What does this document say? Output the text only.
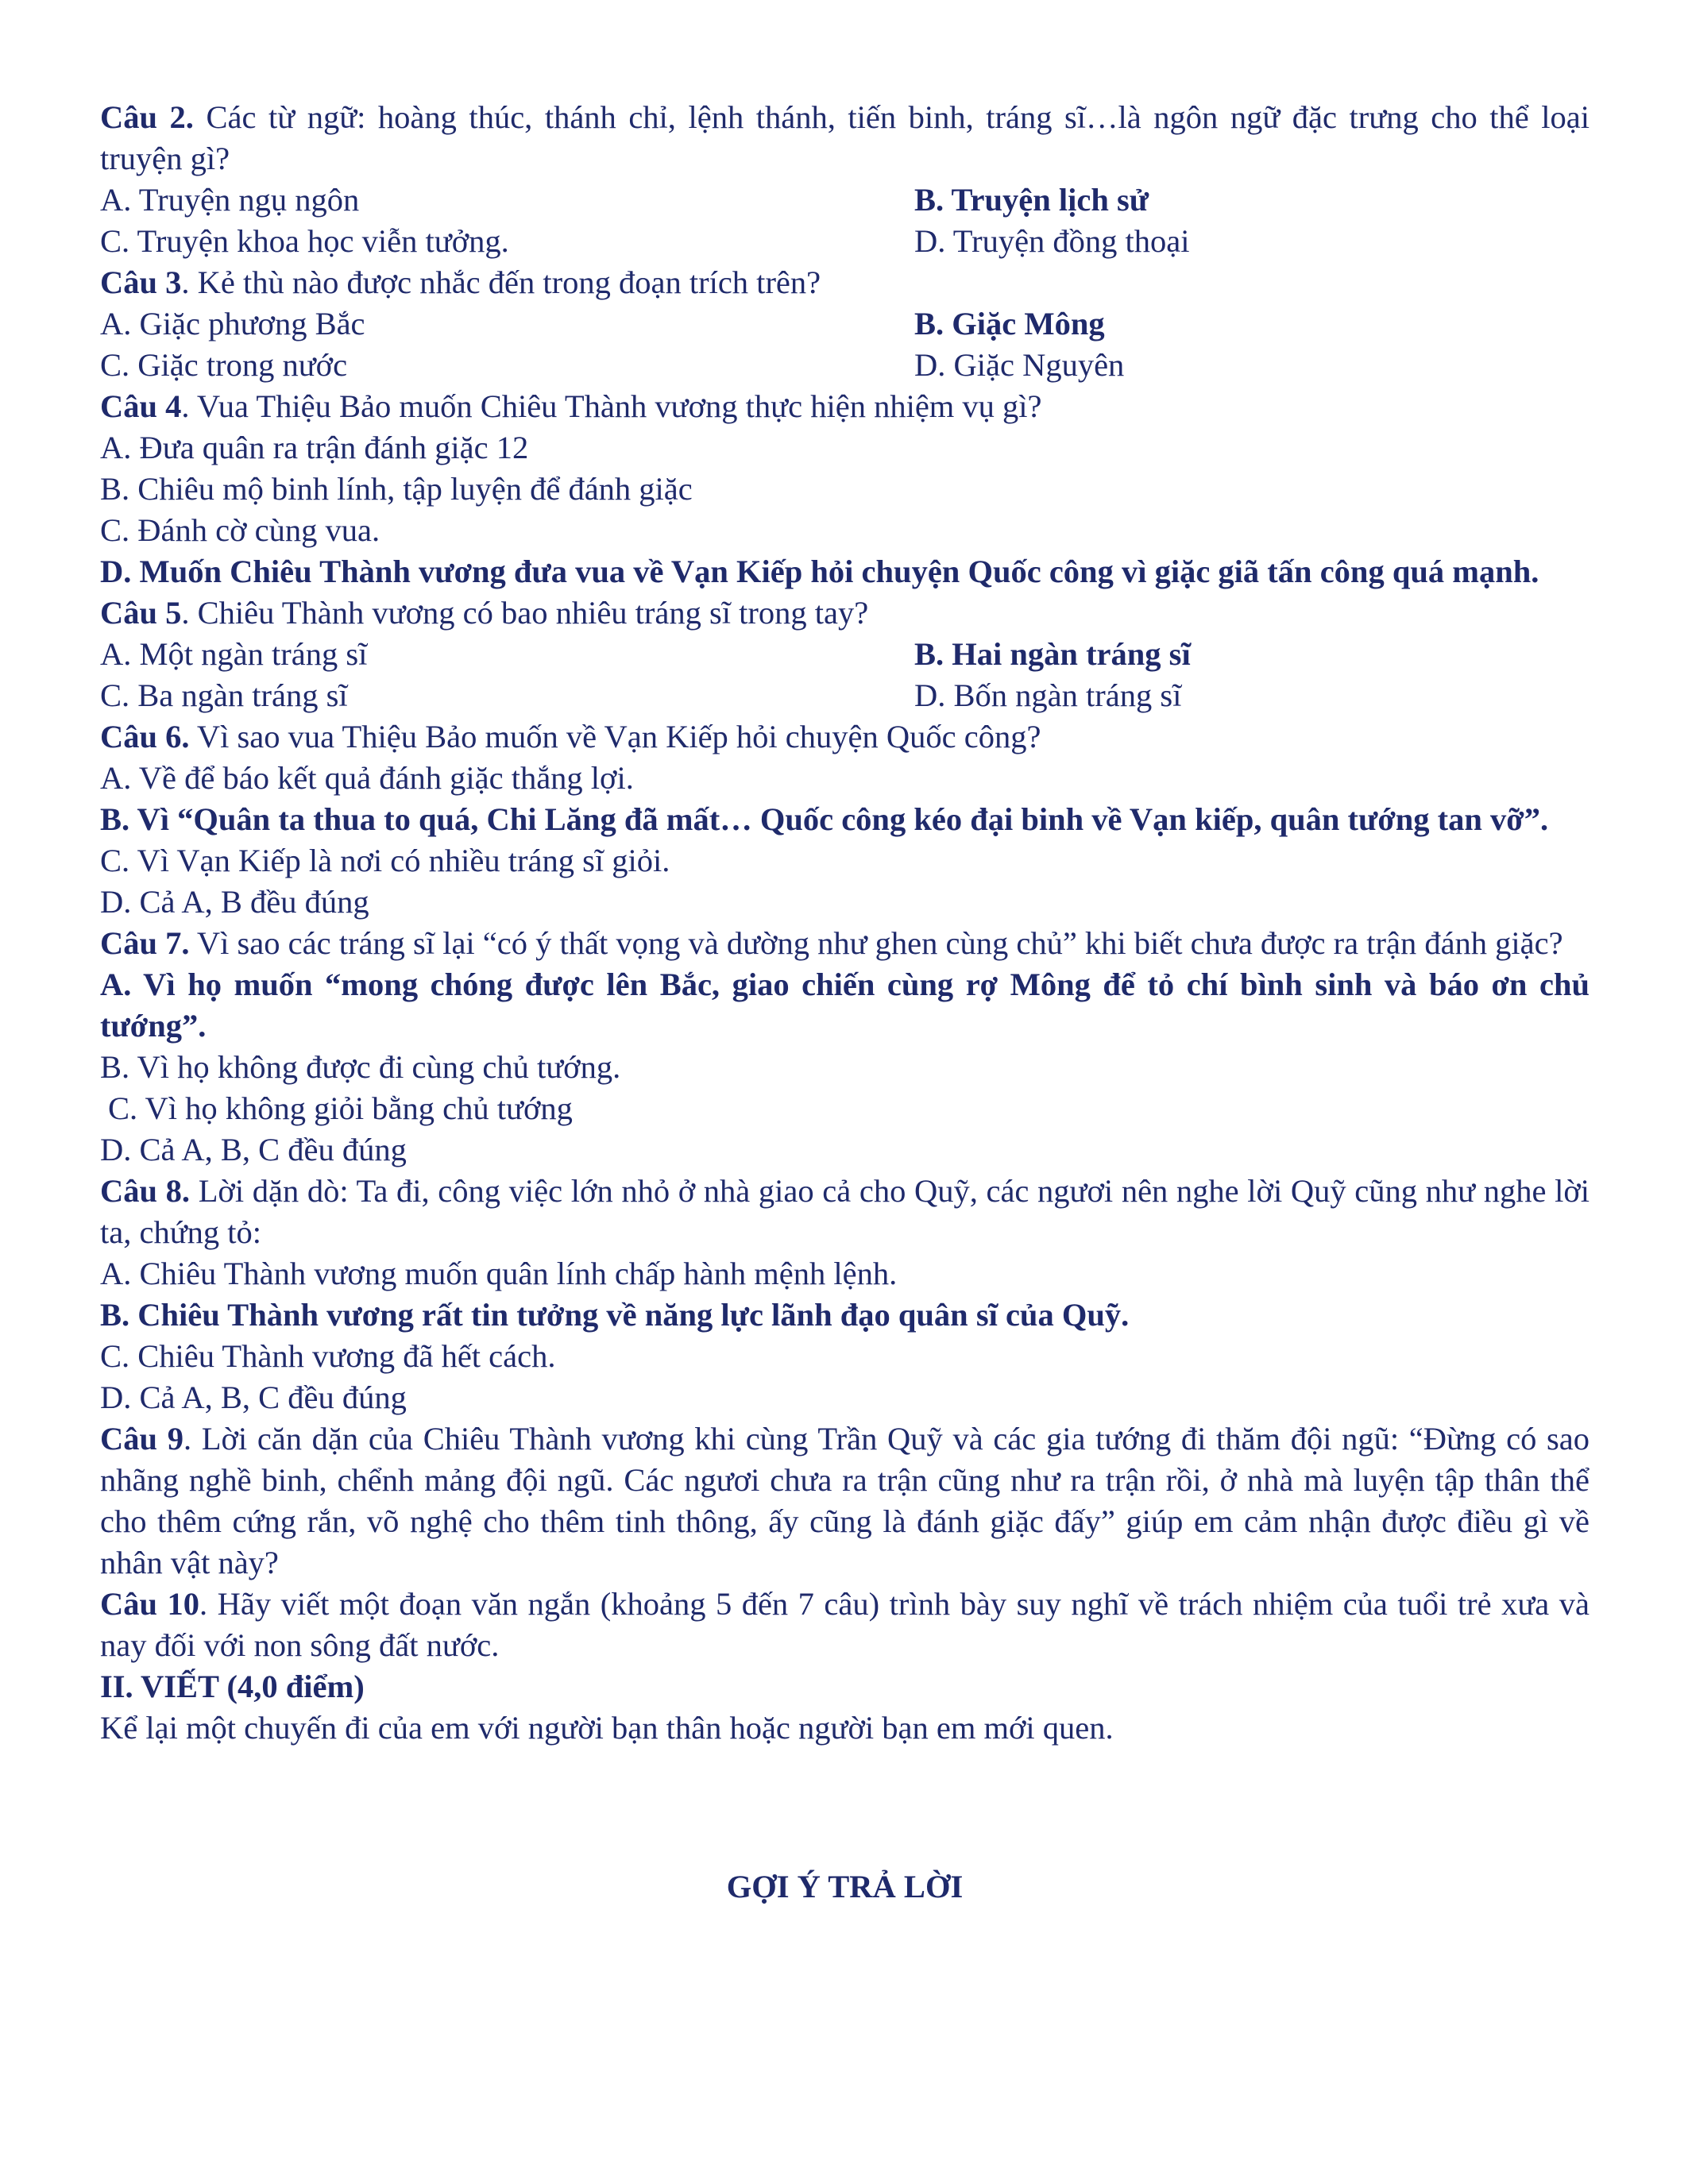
Câu 2. Các từ ngữ: hoàng thúc, thánh chỉ, lệnh thánh, tiến binh, tráng sĩ…là ngôn ngữ đặc trưng cho thể loại truyện gì?

A. Truyện ngụ ngôn	B. Truyện lịch sử
C. Truyện khoa học viễn tưởng.	D. Truyện đồng thoại

Câu 3. Kẻ thù nào được nhắc đến trong đoạn trích trên?

A. Giặc phương Bắc	B. Giặc Mông
C. Giặc trong nước	D. Giặc Nguyên

Câu 4. Vua Thiệu Bảo muốn Chiêu Thành vương thực hiện nhiệm vụ gì?

A. Đưa quân ra trận đánh giặc 12

B. Chiêu mộ binh lính, tập luyện để đánh giặc

C. Đánh cờ cùng vua.

D. Muốn Chiêu Thành vương đưa vua về Vạn Kiếp hỏi chuyện Quốc công vì giặc giã tấn công quá mạnh.

Câu 5. Chiêu Thành vương có bao nhiêu tráng sĩ trong tay?

A. Một ngàn tráng sĩ	B. Hai ngàn tráng sĩ
C. Ba ngàn tráng sĩ	D. Bốn ngàn tráng sĩ

Câu 6. Vì sao vua Thiệu Bảo muốn về Vạn Kiếp hỏi chuyện Quốc công?

A. Về để báo kết quả đánh giặc thắng lợi.

B. Vì “Quân ta thua to quá, Chi Lăng đã mất… Quốc công kéo đại binh về Vạn kiếp, quân tướng tan vỡ”.

C. Vì Vạn Kiếp là nơi có nhiều tráng sĩ giỏi.

D. Cả A, B đều đúng

Câu 7. Vì sao các tráng sĩ lại “có ý thất vọng và dường như ghen cùng chủ” khi biết chưa được ra trận đánh giặc?

A. Vì họ muốn “mong chóng được lên Bắc, giao chiến cùng rợ Mông để tỏ chí bình sinh và báo ơn chủ tướng”.

B. Vì họ không được đi cùng chủ tướng.

C. Vì họ không giỏi bằng chủ tướng

D. Cả A, B, C đều đúng

Câu 8. Lời dặn dò: Ta đi, công việc lớn nhỏ ở nhà giao cả cho Quỹ, các ngươi nên nghe lời Quỹ cũng như nghe lời ta, chứng tỏ:

A. Chiêu Thành vương muốn quân lính chấp hành mệnh lệnh.

B. Chiêu Thành vương rất tin tưởng về năng lực lãnh đạo quân sĩ của Quỹ.

C. Chiêu Thành vương đã hết cách.

D. Cả A, B, C đều đúng

Câu 9. Lời căn dặn của Chiêu Thành vương khi cùng Trần Quỹ và các gia tướng đi thăm đội ngũ: “Đừng có sao nhãng nghề binh, chểnh mảng đội ngũ. Các ngươi chưa ra trận cũng như ra trận rồi, ở nhà mà luyện tập thân thể cho thêm cứng rắn, võ nghệ cho thêm tinh thông, ấy cũng là đánh giặc đấy” giúp em cảm nhận được điều gì về nhân vật này?

Câu 10. Hãy viết một đoạn văn ngắn (khoảng 5 đến 7 câu) trình bày suy nghĩ về trách nhiệm của tuổi trẻ xưa và nay đối với non sông đất nước.

II. VIẾT (4,0 điểm)

Kể lại một chuyến đi của em với người bạn thân hoặc người bạn em mới quen.

GỢI Ý TRẢ LỜI
